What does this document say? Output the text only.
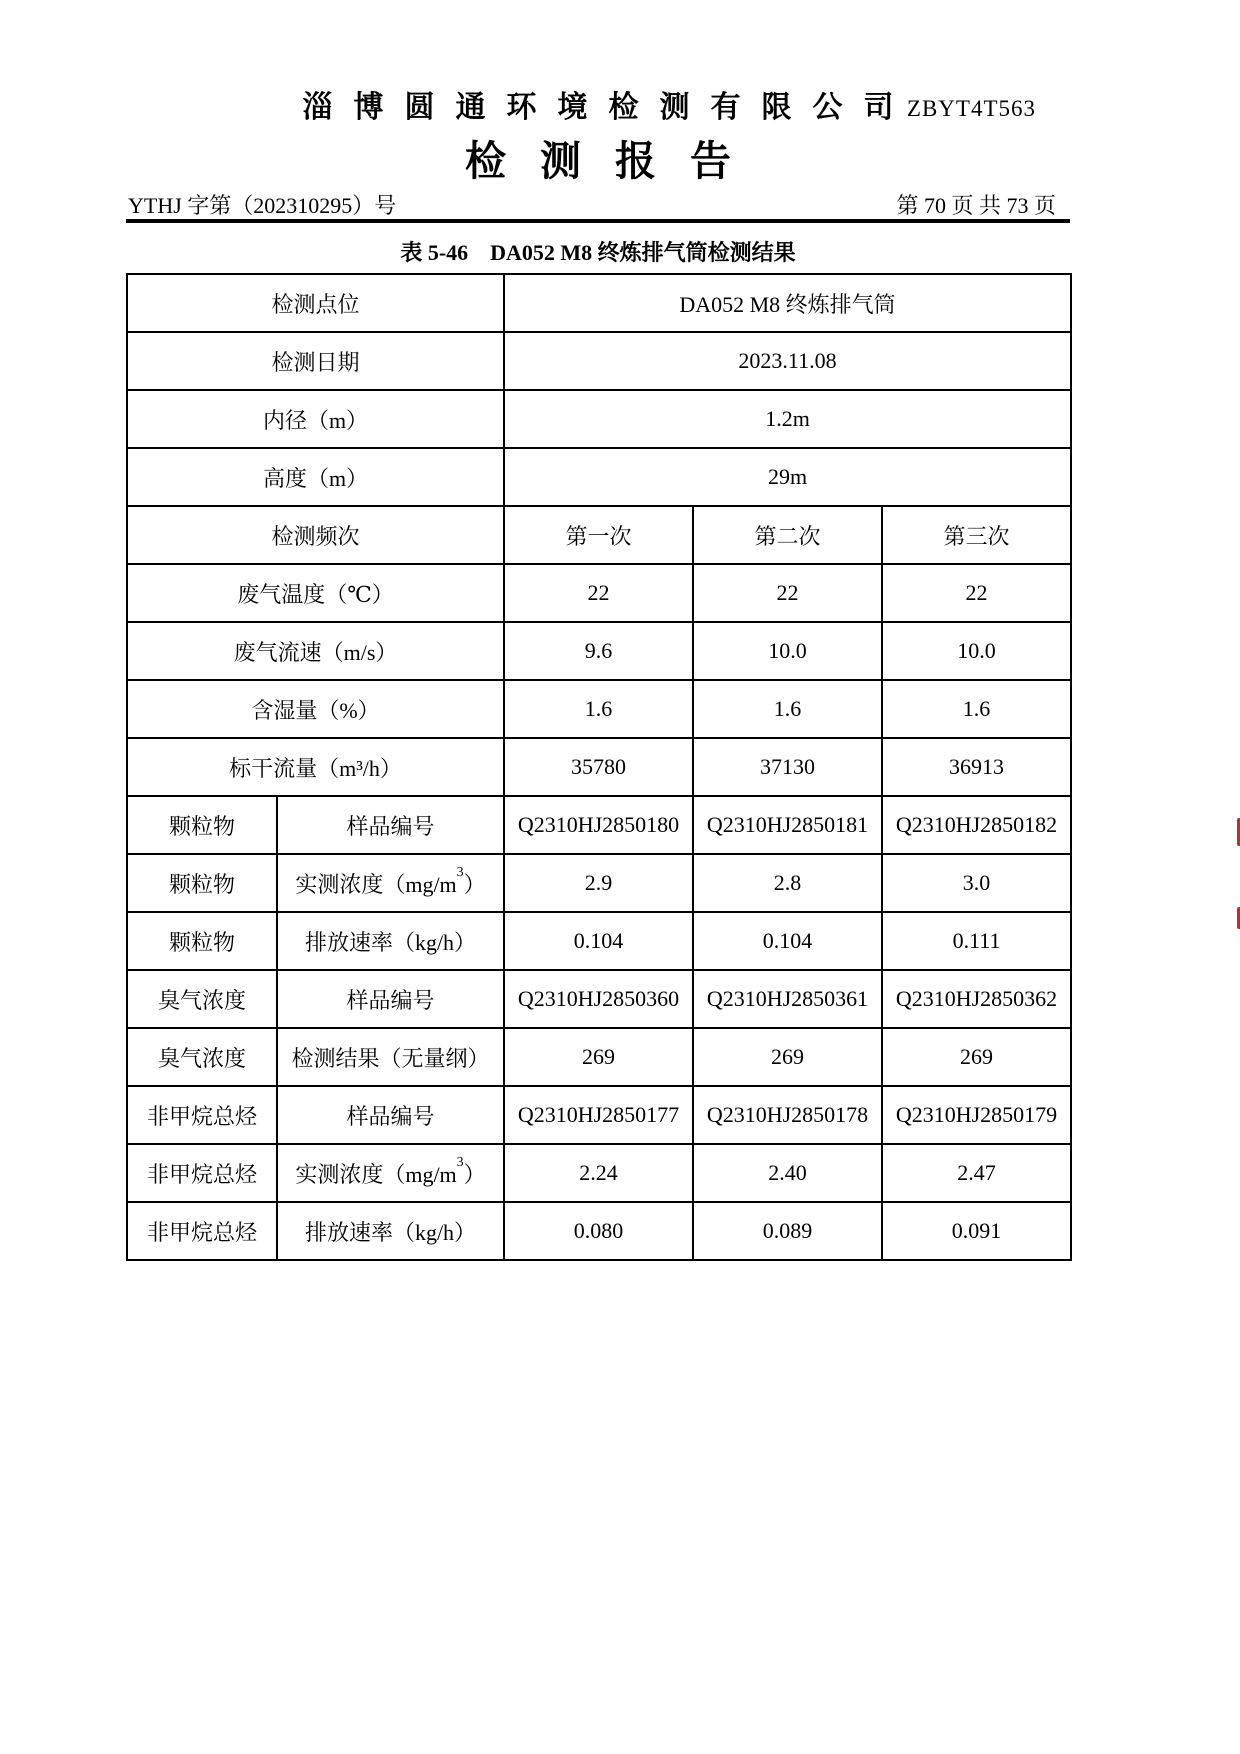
淄博圆通环境检测有限公司
ZBYT4T563
检测报告
YTHJ 字第（202310295）号	第 70 页 共 73 页
表 5-46　DA052 M8 终炼排气筒检测结果
检测点位		DA052 M8 终炼排气筒		
检测日期		2023.11.08		
内径（m）		1.2m		
高度（m）		29m		
检测频次		第一次	第二次	第三次
废气温度（℃）		22	22	22
废气流速（m/s）		9.6	10.0	10.0
含湿量（%）		1.6	1.6	1.6
标干流量（m³/h）		35780	37130	36913
颗粒物	样品编号	Q2310HJ2850180	Q2310HJ2850181	Q2310HJ2850182
颗粒物	实测浓度$(mg/m^3)$	2.9	2.8	3.0
颗粒物	排放速率（kg/h）	0.104	0.104	0.111
臭气浓度	样品编号	Q2310HJ2850360	Q2310HJ2850361	Q2310HJ2850362
臭气浓度	检测结果（无量纲）	269	269	269
非甲烷总烃	样品编号	Q2310HJ2850177	Q2310HJ2850178	Q2310HJ2850179
非甲烷总烃	实测浓度$(mg/m^3)$	2.24	2.40	2.47
非甲烷总烃	排放速率（kg/h）	0.080	0.089	0.091
